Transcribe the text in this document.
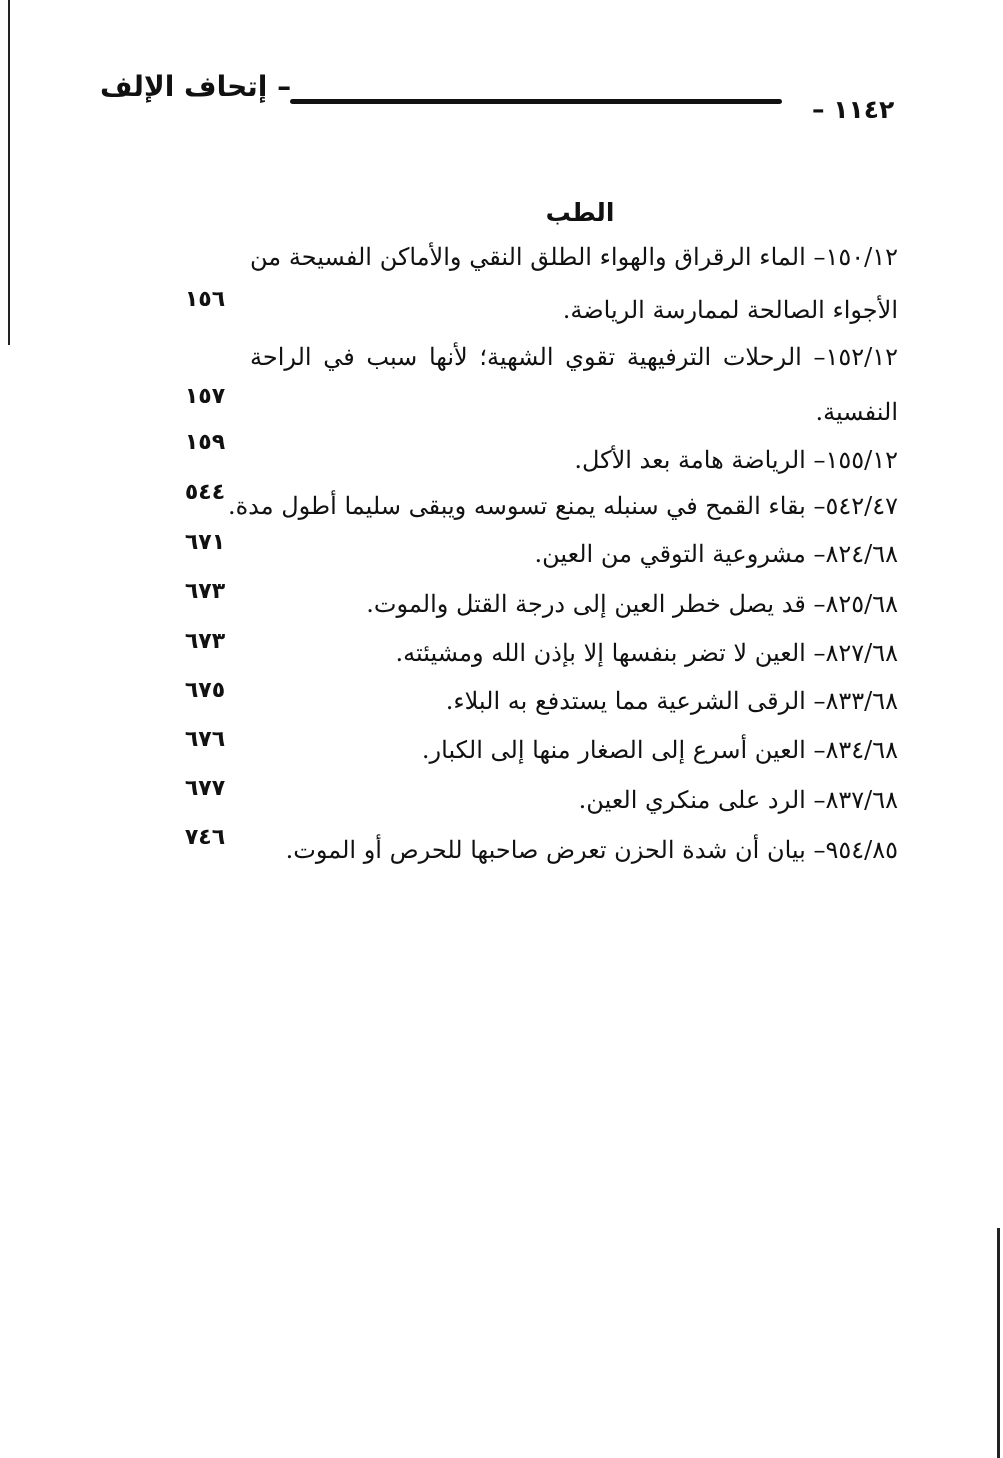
– إتحاف الإلف
١١٤٢ –
الطب
١٥٠/١٢– الماء الرقراق والهواء الطلق النقي والأماكن الفسيحة من
الأجواء الصالحة لممارسة الرياضة.
١٥٦
١٥٢/١٢– الرحلات الترفيهية تقوي الشهية؛ لأنها سبب في الراحة
النفسية.
١٥٧
١٥٥/١٢– الرياضة هامة بعد الأكل.
١٥٩
٥٤٢/٤٧– بقاء القمح في سنبله يمنع تسوسه ويبقى سليما أطول مدة.
٥٤٤
٨٢٤/٦٨– مشروعية التوقي من العين.
٦٧١
٨٢٥/٦٨– قد يصل خطر العين إلى درجة القتل والموت.
٦٧٣
٨٢٧/٦٨– العين لا تضر بنفسها إلا بإذن الله ومشيئته.
٦٧٣
٨٣٣/٦٨– الرقى الشرعية مما يستدفع به البلاء.
٦٧٥
٨٣٤/٦٨– العين أسرع إلى الصغار منها إلى الكبار.
٦٧٦
٨٣٧/٦٨– الرد على منكري العين.
٦٧٧
٩٥٤/٨٥– بيان أن شدة الحزن تعرض صاحبها للحرص أو الموت.
٧٤٦
